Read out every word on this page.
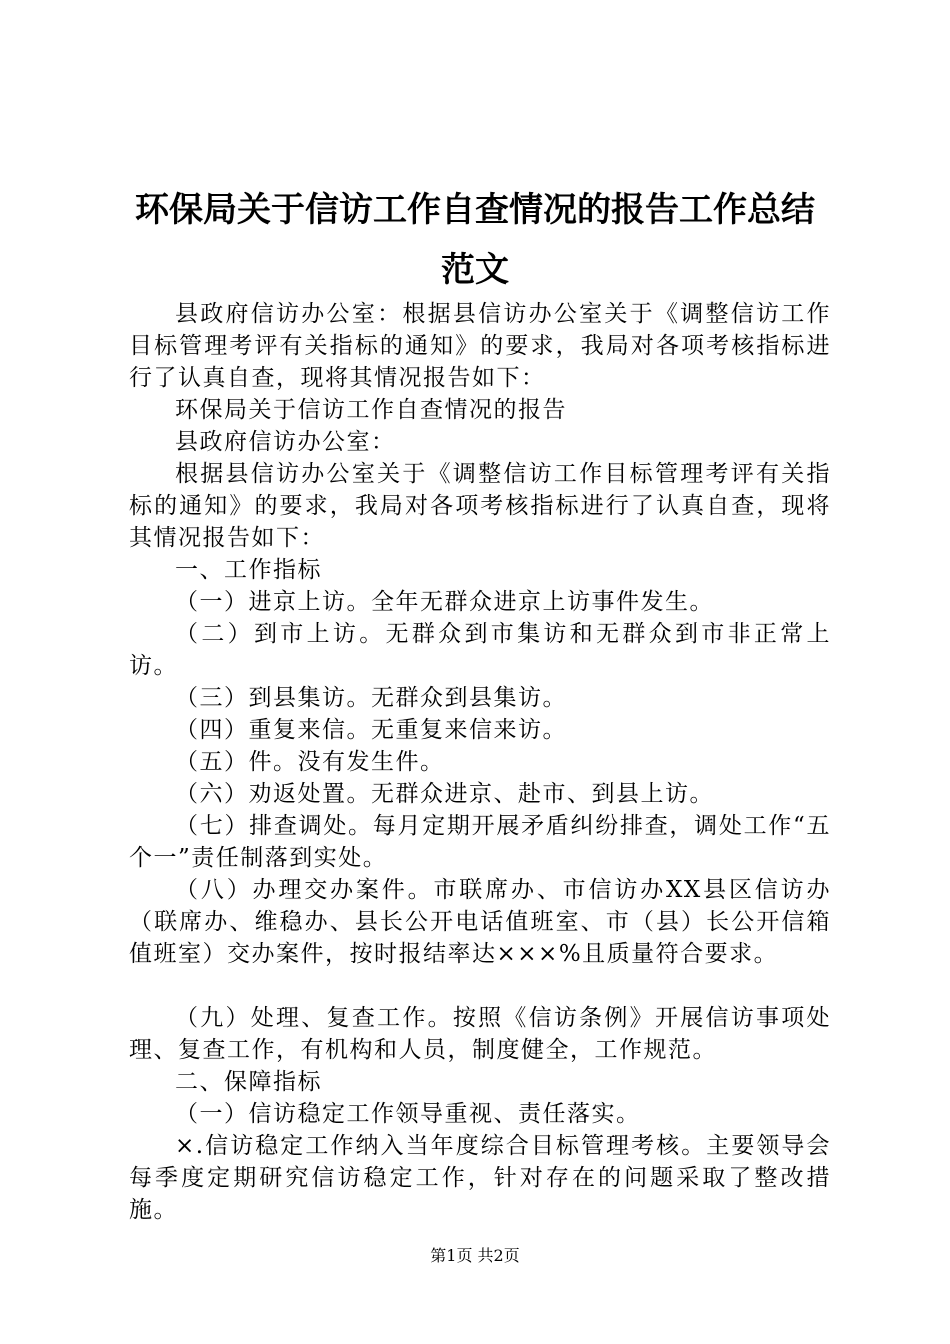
环保局关于信访工作自查情况的报告工作总结
范文

县政府信访办公室：根据县信访办公室关于《调整信访工作目标管理考评有关指标的通知》的要求，我局对各项考核指标进行了认真自查，现将其情况报告如下：

环保局关于信访工作自查情况的报告

县政府信访办公室：

根据县信访办公室关于《调整信访工作目标管理考评有关指标的通知》的要求，我局对各项考核指标进行了认真自查，现将其情况报告如下：

一、工作指标

（一）进京上访。全年无群众进京上访事件发生。

（二）到市上访。无群众到市集访和无群众到市非正常上访。

（三）到县集访。无群众到县集访。

（四）重复来信。无重复来信来访。

（五）件。没有发生件。

（六）劝返处置。无群众进京、赴市、到县上访。

（七）排查调处。每月定期开展矛盾纠纷排查，调处工作“五个一”责任制落到实处。

（八）办理交办案件。市联席办、市信访办XX县区信访办（联席办、维稳办、县长公开电话值班室、市（县）长公开信箱值班室）交办案件，按时报结率达×××%且质量符合要求。

（九）处理、复查工作。按照《信访条例》开展信访事项处理、复查工作，有机构和人员，制度健全，工作规范。

二、保障指标

（一）信访稳定工作领导重视、责任落实。

×.信访稳定工作纳入当年度综合目标管理考核。主要领导会每季度定期研究信访稳定工作，针对存在的问题采取了整改措施。

第1页 共2页
